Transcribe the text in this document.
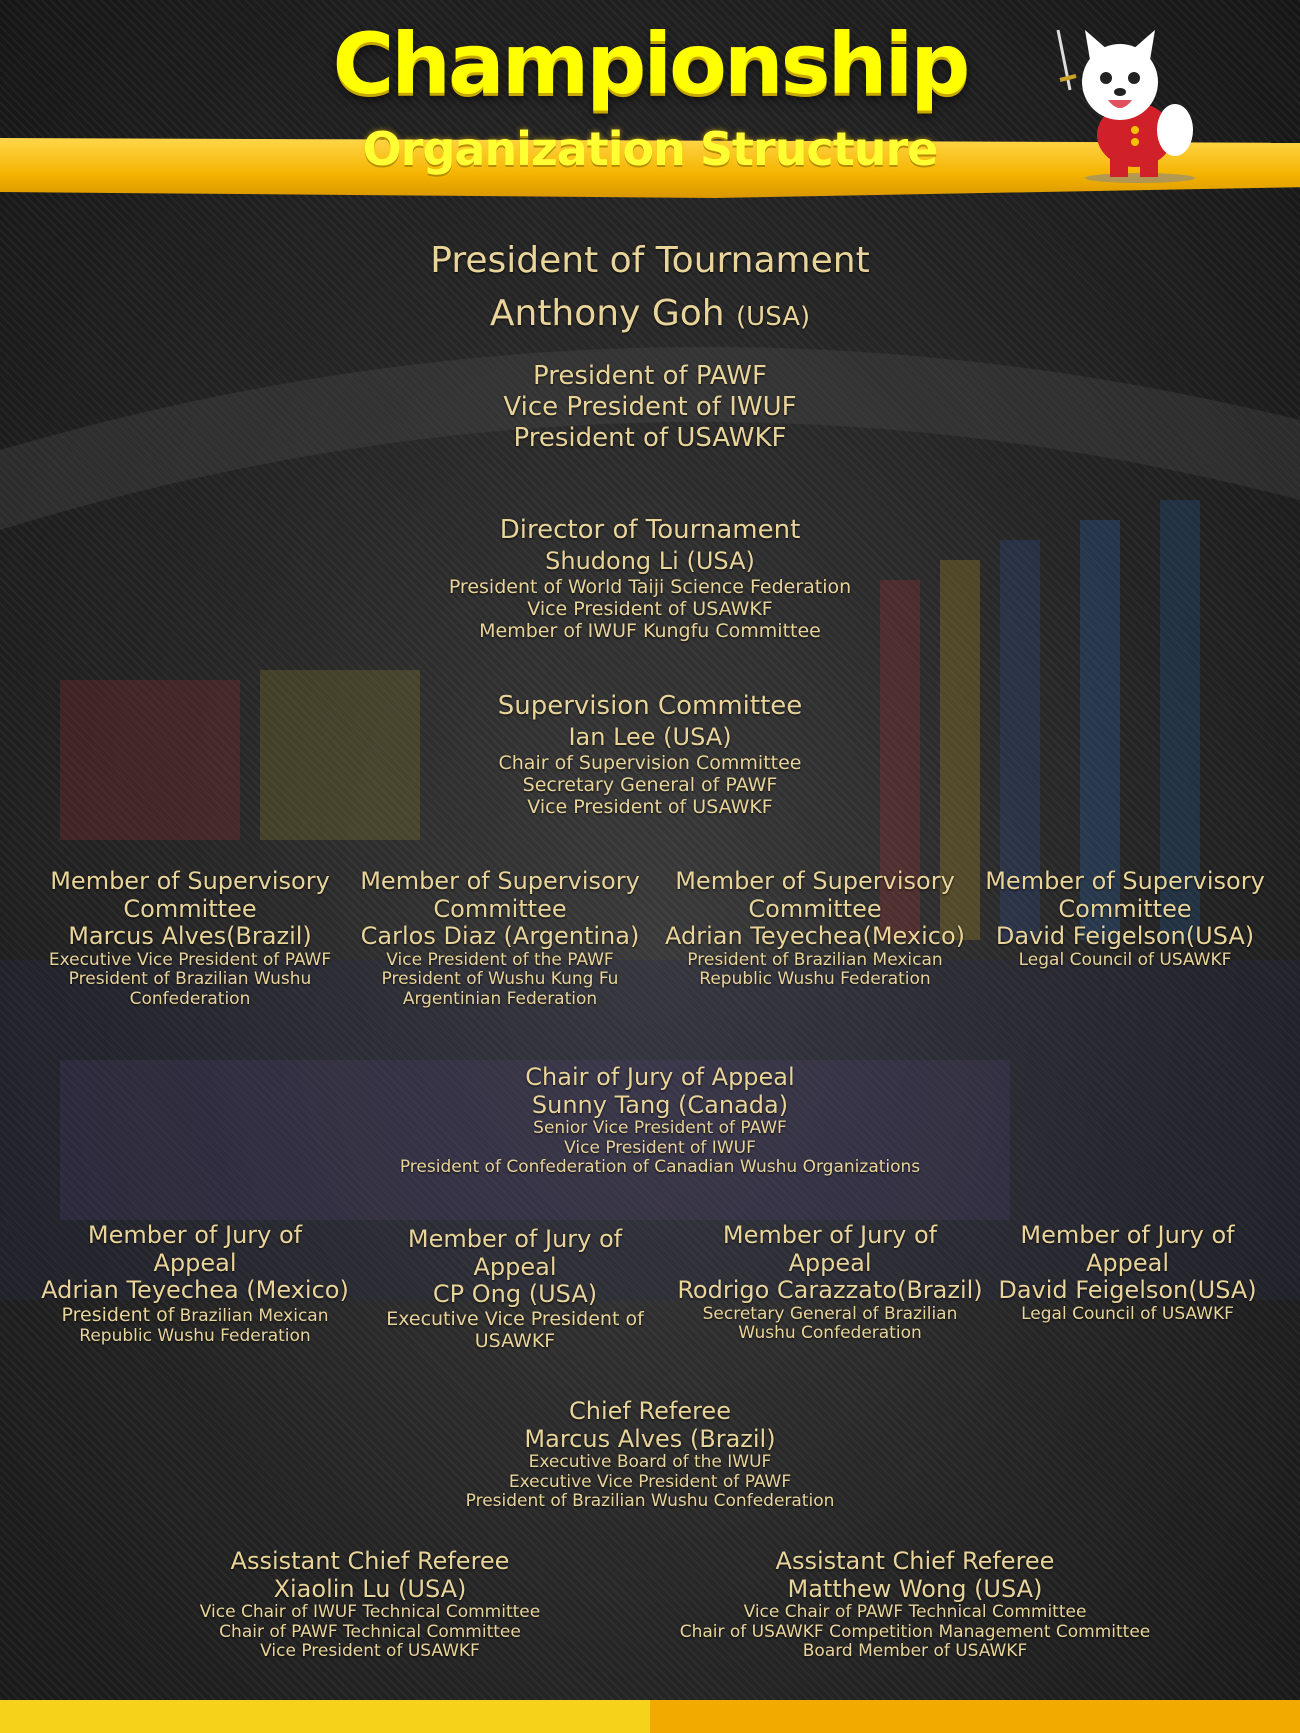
Championship
Organization Structure
President of Tournament
Anthony Goh (USA)
President of PAWF
Vice President of IWUF
President of USAWKF
Director of Tournament
Shudong Li (USA)
President of World Taiji Science Federation
Vice President of USAWKF
Member of IWUF Kungfu Committee
Supervision Committee
Ian Lee (USA)
Chair of Supervision Committee
Secretary General of PAWF
Vice President of USAWKF
Member of Supervisory
Committee
Marcus Alves(Brazil)
Executive Vice President of PAWF
President of Brazilian Wushu
Confederation
Member of Supervisory
Committee
Carlos Diaz (Argentina)
Vice President of the PAWF
President of Wushu Kung Fu
Argentinian Federation
Member of Supervisory
Committee
Adrian Teyechea(Mexico)
President of Brazilian Mexican
Republic Wushu Federation
Member of Supervisory
Committee
David Feigelson(USA)
Legal Council of USAWKF
Chair of Jury of Appeal
Sunny Tang (Canada)
Senior Vice President of PAWF
Vice President of IWUF
President of Confederation of Canadian Wushu Organizations
Member of Jury of
Appeal
Adrian Teyechea (Mexico)
President of Brazilian Mexican
Republic Wushu Federation
Member of Jury of
Appeal
CP Ong (USA)
Executive Vice President of
USAWKF
Member of Jury of
Appeal
Rodrigo Carazzato(Brazil)
Secretary General of Brazilian
Wushu Confederation
Member of Jury of
Appeal
David Feigelson(USA)
Legal Council of USAWKF
Chief Referee
Marcus Alves (Brazil)
Executive Board of the IWUF
Executive Vice President of PAWF
President of Brazilian Wushu Confederation
Assistant Chief Referee
Xiaolin Lu (USA)
Vice Chair of IWUF Technical Committee
Chair of PAWF Technical Committee
Vice President of USAWKF
Assistant Chief Referee
Matthew Wong (USA)
Vice Chair of PAWF Technical Committee
Chair of USAWKF Competition Management Committee
Board Member of USAWKF
